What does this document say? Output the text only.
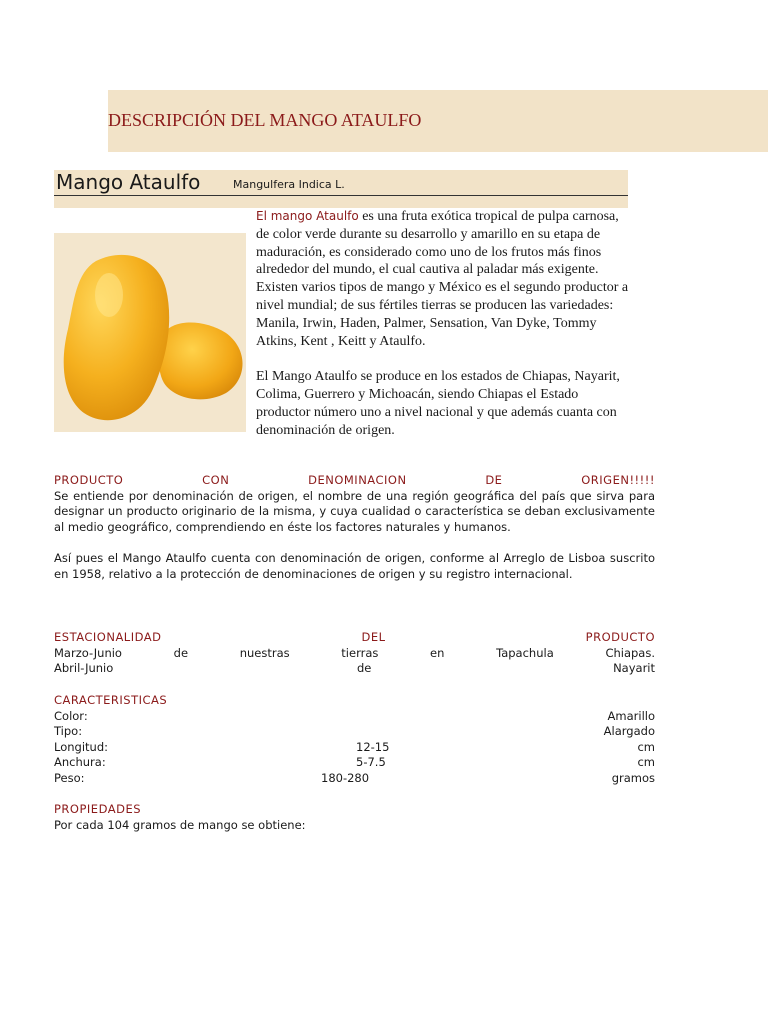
DESCRIPCIÓN DEL MANGO ATAULFO
Mango Ataulfo	Mangulfera Indica L.

El mango Ataulfo es una fruta exótica tropical de pulpa carnosa, de color verde durante su desarrollo y amarillo en su etapa de maduración, es considerado como uno de los frutos más finos alrededor del mundo, el cual cautiva al paladar más exigente. Existen varios tipos de mango y México es el segundo productor a nivel mundial; de sus fértiles tierras se producen las variedades: Manila, Irwin, Haden, Palmer, Sensation, Van Dyke, Tommy Atkins, Kent , Keitt y Ataulfo.

El Mango Ataulfo se produce en los estados de Chiapas, Nayarit, Colima, Guerrero y Michoacán, siendo Chiapas el Estado productor número uno a nivel nacional y que además cuanta con denominación de origen.

PRODUCTO	CON	DENOMINACION	DE	ORIGEN!!!!!

Se entiende por denominación de origen, el nombre de una región geográfica del país que sirva para designar un producto originario de la misma, y cuya cualidad o característica se deban exclusivamente al medio geográfico, comprendiendo en éste los factores naturales y humanos.

Así pues el Mango Ataulfo cuenta con denominación de origen, conforme al Arreglo de Lisboa suscrito en 1958, relativo a la protección de denominaciones de origen y su registro internacional.

ESTACIONALIDAD	DEL	PRODUCTO
Marzo-Junio	de	nuestras	tierras	en	Tapachula	Chiapas.
Abril-Junio	de	Nayarit
CARACTERISTICAS
Color:	Amarillo
Tipo:	Alargado
Longitud:	12-15	cm
Anchura:	5-7.5	cm
Peso:	180-280	gramos
PROPIEDADES
Por cada 104 gramos de mango se obtiene:
